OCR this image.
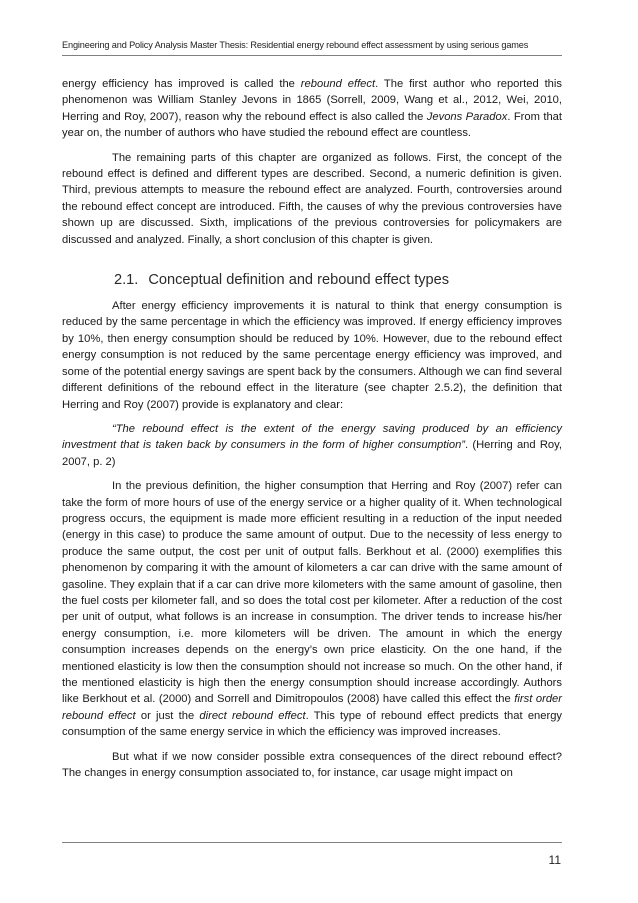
Engineering and Policy Analysis Master Thesis: Residential energy rebound effect assessment by using serious games

energy efficiency has improved is called the rebound effect. The first author who reported this phenomenon was William Stanley Jevons in 1865 (Sorrell, 2009, Wang et al., 2012, Wei, 2010, Herring and Roy, 2007), reason why the rebound effect is also called the Jevons Paradox. From that year on, the number of authors who have studied the rebound effect are countless.

The remaining parts of this chapter are organized as follows. First, the concept of the rebound effect is defined and different types are described. Second, a numeric definition is given. Third, previous attempts to measure the rebound effect are analyzed. Fourth, controversies around the rebound effect concept are introduced. Fifth, the causes of why the previous controversies have shown up are discussed. Sixth, implications of the previous controversies for policymakers are discussed and analyzed. Finally, a short conclusion of this chapter is given.

2.1. Conceptual definition and rebound effect types

After energy efficiency improvements it is natural to think that energy consumption is reduced by the same percentage in which the efficiency was improved. If energy efficiency improves by 10%, then energy consumption should be reduced by 10%. However, due to the rebound effect energy consumption is not reduced by the same percentage energy efficiency was improved, and some of the potential energy savings are spent back by the consumers. Although we can find several different definitions of the rebound effect in the literature (see chapter 2.5.2), the definition that Herring and Roy (2007) provide is explanatory and clear:

“The rebound effect is the extent of the energy saving produced by an efficiency investment that is taken back by consumers in the form of higher consumption”. (Herring and Roy, 2007, p. 2)

In the previous definition, the higher consumption that Herring and Roy (2007) refer can take the form of more hours of use of the energy service or a higher quality of it. When technological progress occurs, the equipment is made more efficient resulting in a reduction of the input needed (energy in this case) to produce the same amount of output. Due to the necessity of less energy to produce the same output, the cost per unit of output falls. Berkhout et al. (2000) exemplifies this phenomenon by comparing it with the amount of kilometers a car can drive with the same amount of gasoline. They explain that if a car can drive more kilometers with the same amount of gasoline, then the fuel costs per kilometer fall, and so does the total cost per kilometer. After a reduction of the cost per unit of output, what follows is an increase in consumption. The driver tends to increase his/her energy consumption, i.e. more kilometers will be driven. The amount in which the energy consumption increases depends on the energy’s own price elasticity. On the one hand, if the mentioned elasticity is low then the consumption should not increase so much. On the other hand, if the mentioned elasticity is high then the energy consumption should increase accordingly. Authors like Berkhout et al. (2000) and Sorrell and Dimitropoulos (2008) have called this effect the first order rebound effect or just the direct rebound effect. This type of rebound effect predicts that energy consumption of the same energy service in which the efficiency was improved increases.

But what if we now consider possible extra consequences of the direct rebound effect? The changes in energy consumption associated to, for instance, car usage might impact on

11
